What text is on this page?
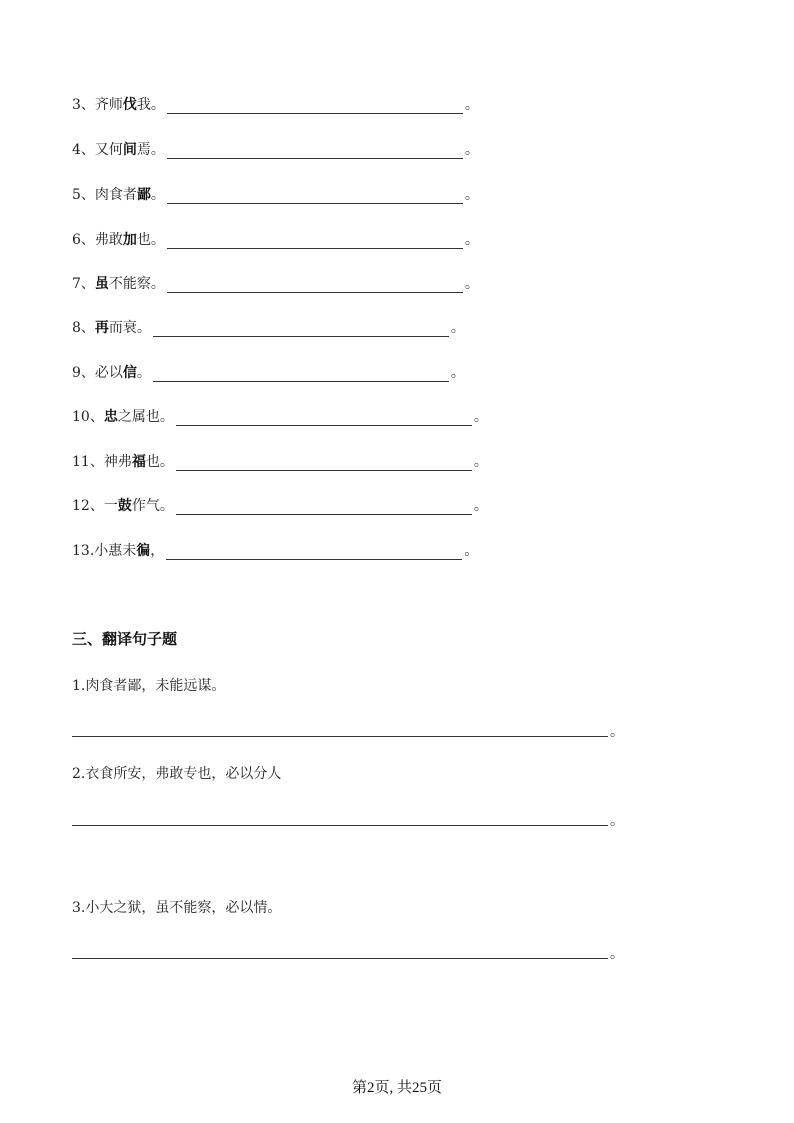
3、 齐师 伐 我。	。
4、 又何 间 焉。	。
5、 肉食者 鄙 。	。
6、 弗敢 加 也。	。
7、 虽 不能察。	。
8、 再 而衰。	。
9、 必以 信 。	。
10、 忠 之属也。	。
11、 神弗 福 也。	。
12、 一 鼓 作气。	。
13. 小惠未 徧 ，	。
三、翻译句子题
1.肉食者鄙，未能远谋。
。
2.衣食所安，弗敢专也，必以分人
。
3.小大之狱，虽不能察，必以情。
。
第2页, 共25页
